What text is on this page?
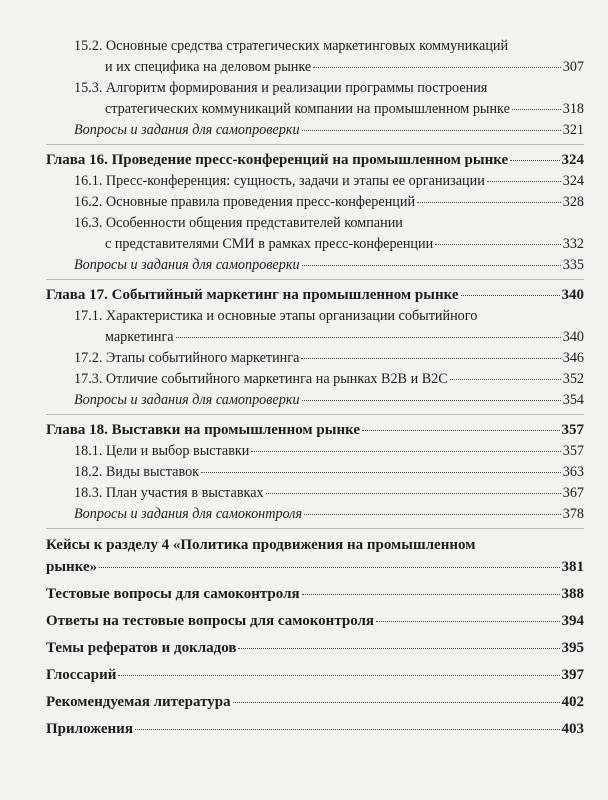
15.2. Основные средства стратегических маркетинговых коммуникаций
и их специфика на деловом рынке	307
15.3. Алгоритм формирования и реализации программы построения
стратегических коммуникаций компании на промышленном рынке	318
Вопросы и задания для самопроверки	321
Глава 16. Проведение пресс-конференций на промышленном рынке	324
16.1. Пресс-конференция: сущность, задачи и этапы ее организации	324
16.2. Основные правила проведения пресс-конференций	328
16.3. Особенности общения представителей компании
с представителями СМИ в рамках пресс-конференции	332
Вопросы и задания для самопроверки	335
Глава 17. Событийный маркетинг на промышленном рынке	340
17.1. Характеристика и основные этапы организации событийного
маркетинга	340
17.2. Этапы событийного маркетинга	346
17.3. Отличие событийного маркетинга на рынках B2B и B2C	352
Вопросы и задания для самопроверки	354
Глава 18. Выставки на промышленном рынке	357
18.1. Цели и выбор выставки	357
18.2. Виды выставок	363
18.3. План участия в выставках	367
Вопросы и задания для самоконтроля	378
Кейсы к разделу 4 «Политика продвижения на промышленном
рынке»	381
Тестовые вопросы для самоконтроля	388
Ответы на тестовые вопросы для самоконтроля	394
Темы рефератов и докладов	395
Глоссарий	397
Рекомендуемая литература	402
Приложения	403
